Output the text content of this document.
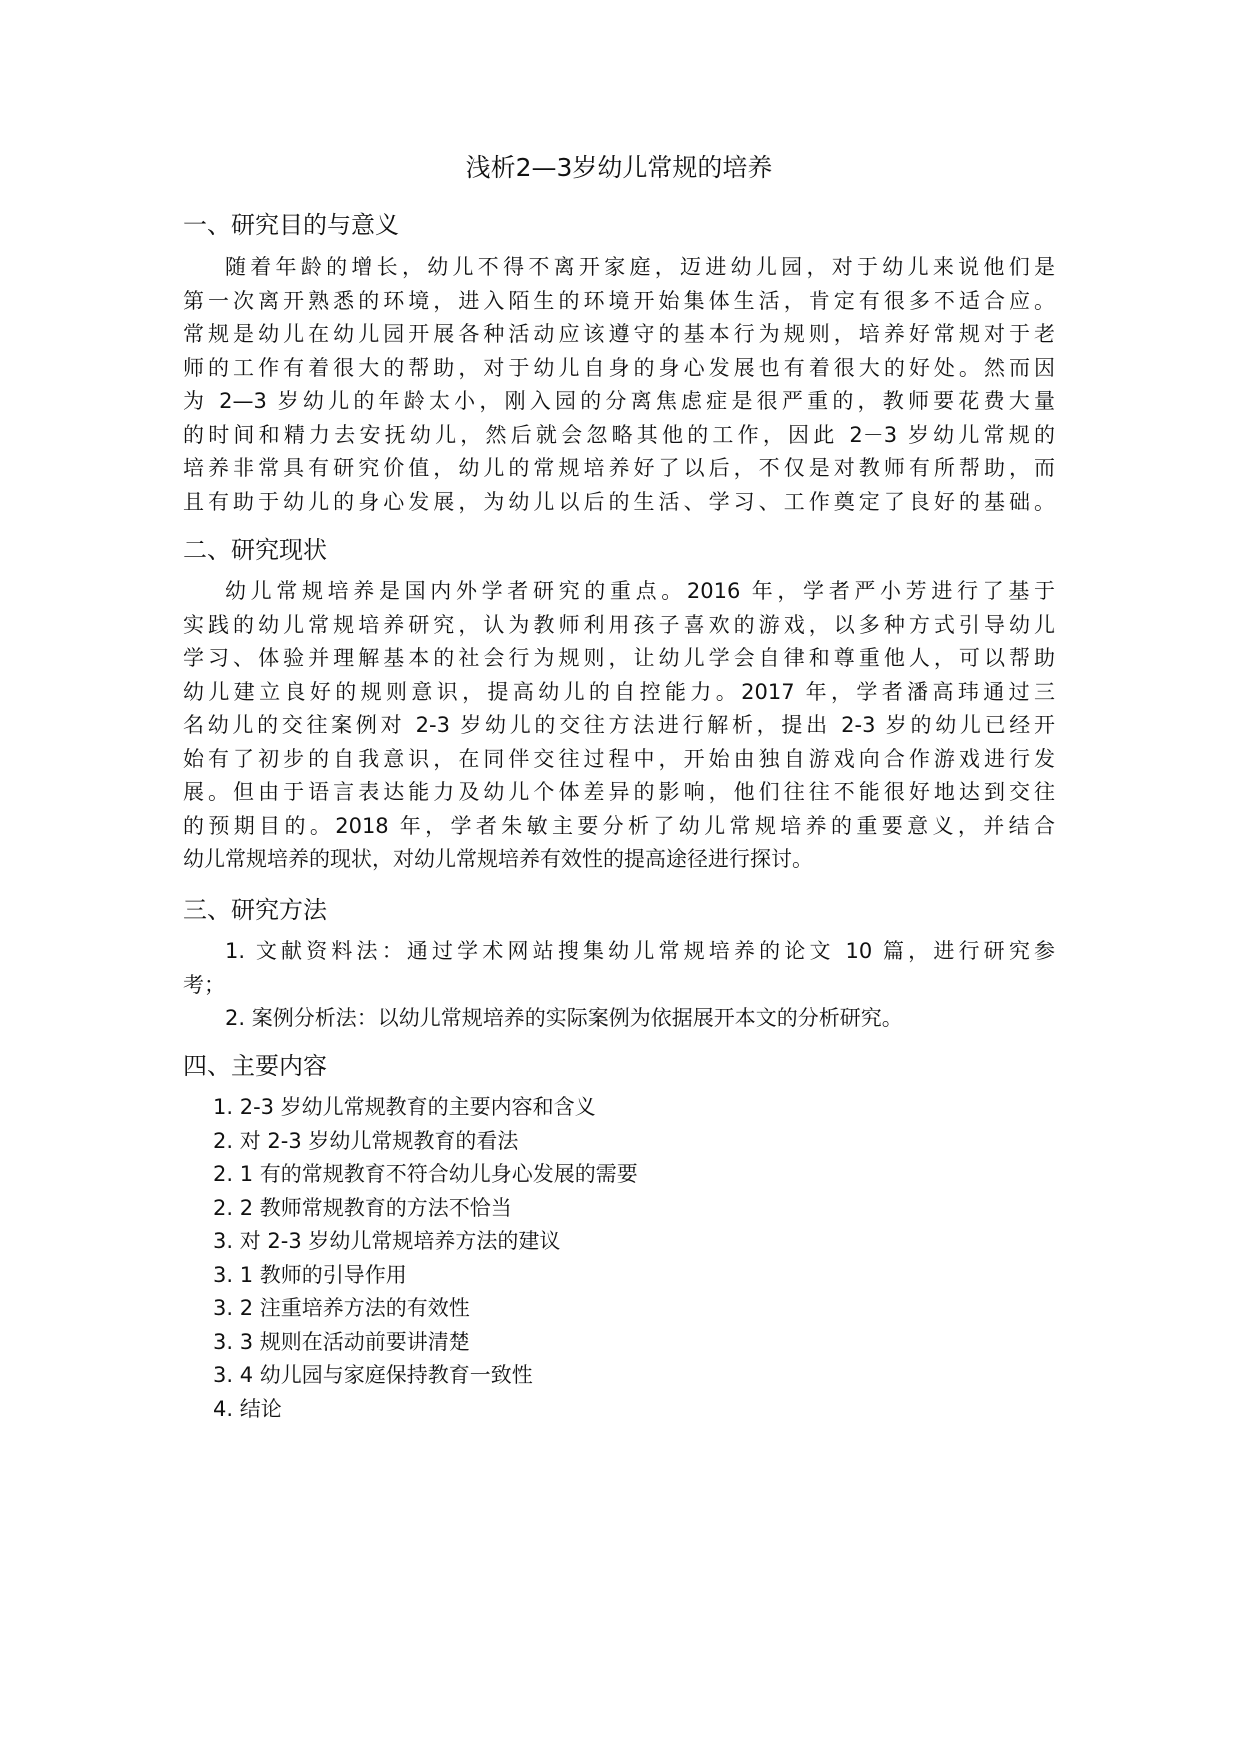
浅析2—3岁幼儿常规的培养
一、研究目的与意义
随着年龄的增长，幼儿不得不离开家庭，迈进幼儿园，对于幼儿来说他们是
第一次离开熟悉的环境，进入陌生的环境开始集体生活，肯定有很多不适合应。
常规是幼儿在幼儿园开展各种活动应该遵守的基本行为规则，培养好常规对于老
师的工作有着很大的帮助，对于幼儿自身的身心发展也有着很大的好处。然而因
为 2—3 岁幼儿的年龄太小，刚入园的分离焦虑症是很严重的，教师要花费大量
的时间和精力去安抚幼儿，然后就会忽略其他的工作，因此 2－3 岁幼儿常规的
培养非常具有研究价值，幼儿的常规培养好了以后，不仅是对教师有所帮助，而
且有助于幼儿的身心发展，为幼儿以后的生活、学习、工作奠定了良好的基础。
二、研究现状
幼儿常规培养是国内外学者研究的重点。2016 年，学者严小芳进行了基于
实践的幼儿常规培养研究，认为教师利用孩子喜欢的游戏，以多种方式引导幼儿
学习、体验并理解基本的社会行为规则，让幼儿学会自律和尊重他人，可以帮助
幼儿建立良好的规则意识，提高幼儿的自控能力。2017 年，学者潘高玮通过三
名幼儿的交往案例对 2-3 岁幼儿的交往方法进行解析，提出 2-3 岁的幼儿已经开
始有了初步的自我意识，在同伴交往过程中，开始由独自游戏向合作游戏进行发
展。但由于语言表达能力及幼儿个体差异的影响，他们往往不能很好地达到交往
的预期目的。2018 年，学者朱敏主要分析了幼儿常规培养的重要意义，并结合
幼儿常规培养的现状，对幼儿常规培养有效性的提高途径进行探讨。
三、研究方法
1. 文献资料法：通过学术网站搜集幼儿常规培养的论文 10 篇，进行研究参
考；
2. 案例分析法：以幼儿常规培养的实际案例为依据展开本文的分析研究。
四、主要内容
1. 2-3 岁幼儿常规教育的主要内容和含义
2. 对 2-3 岁幼儿常规教育的看法
2. 1 有的常规教育不符合幼儿身心发展的需要
2. 2 教师常规教育的方法不恰当
3. 对 2-3 岁幼儿常规培养方法的建议
3. 1 教师的引导作用
3. 2 注重培养方法的有效性
3. 3 规则在活动前要讲清楚
3. 4 幼儿园与家庭保持教育一致性
4. 结论
